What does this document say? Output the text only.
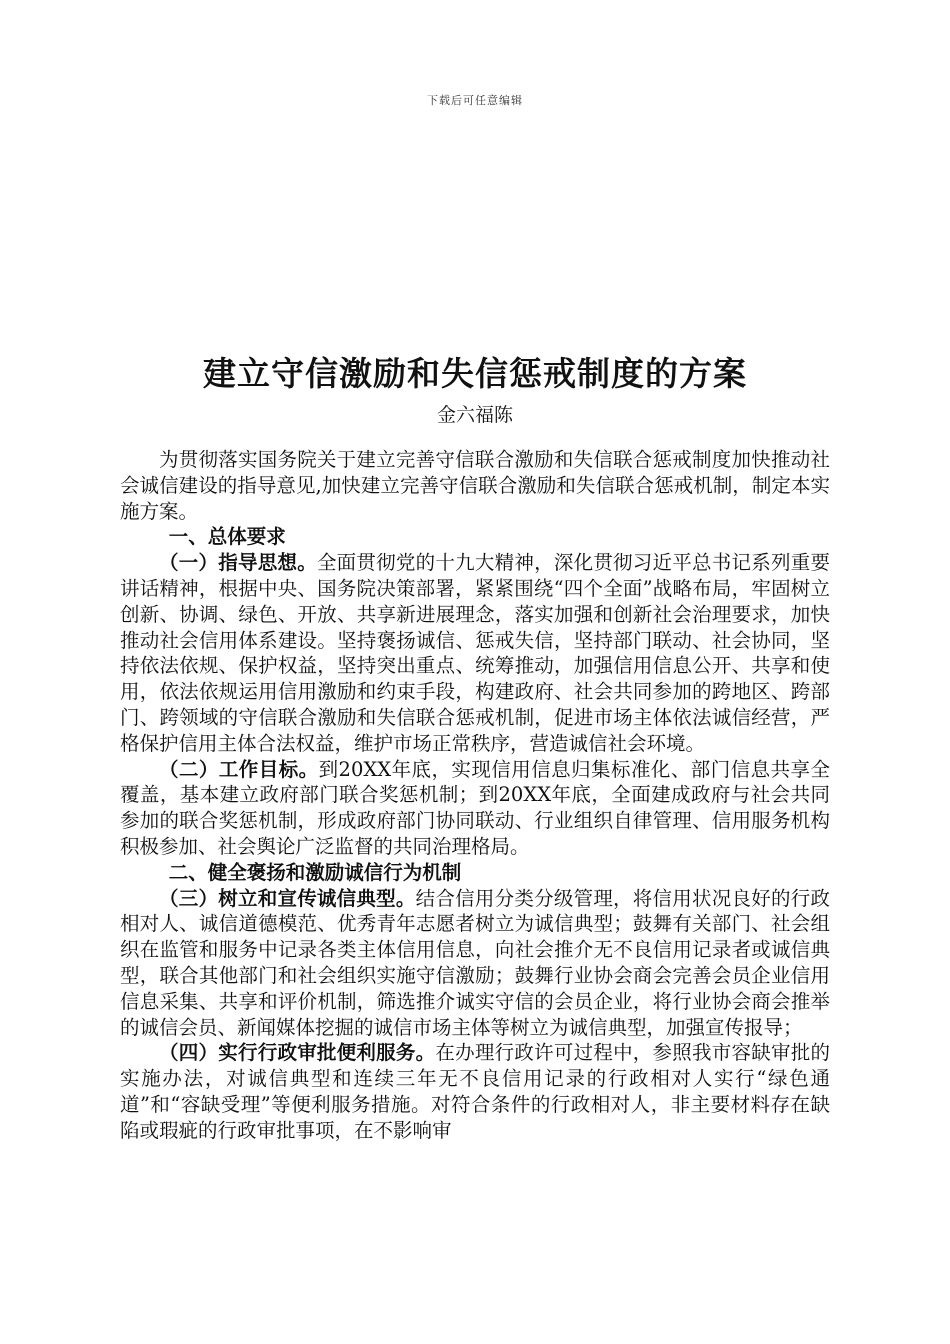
下载后可任意编辑
建立守信激励和失信惩戒制度的方案
金六福陈

为贯彻落实国务院关于建立完善守信联合激励和失信联合惩戒制度加快推动社会诚信建设的指导意见,加快建立完善守信联合激励和失信联合惩戒机制，制定本实施方案。

一、总体要求

（一）指导思想。全面贯彻党的十九大精神，深化贯彻习近平总书记系列重要讲话精神，根据中央、国务院决策部署，紧紧围绕“四个全面”战略布局，牢固树立创新、协调、绿色、开放、共享新进展理念，落实加强和创新社会治理要求，加快推动社会信用体系建设。坚持褒扬诚信、惩戒失信，坚持部门联动、社会协同，坚持依法依规、保护权益，坚持突出重点、统筹推动，加强信用信息公开、共享和使用，依法依规运用信用激励和约束手段，构建政府、社会共同参加的跨地区、跨部门、跨领域的守信联合激励和失信联合惩戒机制，促进市场主体依法诚信经营，严格保护信用主体合法权益，维护市场正常秩序，营造诚信社会环境。

（二）工作目标。到20XX年底，实现信用信息归集标准化、部门信息共享全覆盖，基本建立政府部门联合奖惩机制；到20XX年底，全面建成政府与社会共同参加的联合奖惩机制，形成政府部门协同联动、行业组织自律管理、信用服务机构积极参加、社会舆论广泛监督的共同治理格局。

二、健全褒扬和激励诚信行为机制

（三）树立和宣传诚信典型。结合信用分类分级管理，将信用状况良好的行政相对人、诚信道德模范、优秀青年志愿者树立为诚信典型；鼓舞有关部门、社会组织在监管和服务中记录各类主体信用信息，向社会推介无不良信用记录者或诚信典型，联合其他部门和社会组织实施守信激励；鼓舞行业协会商会完善会员企业信用信息采集、共享和评价机制，筛选推介诚实守信的会员企业，将行业协会商会推举的诚信会员、新闻媒体挖掘的诚信市场主体等树立为诚信典型，加强宣传报导；

（四）实行行政审批便利服务。在办理行政许可过程中，参照我市容缺审批的实施办法，对诚信典型和连续三年无不良信用记录的行政相对人实行“绿色通道”和“容缺受理”等便利服务措施。对符合条件的行政相对人，非主要材料存在缺陷或瑕疵的行政审批事项，在不影响审
